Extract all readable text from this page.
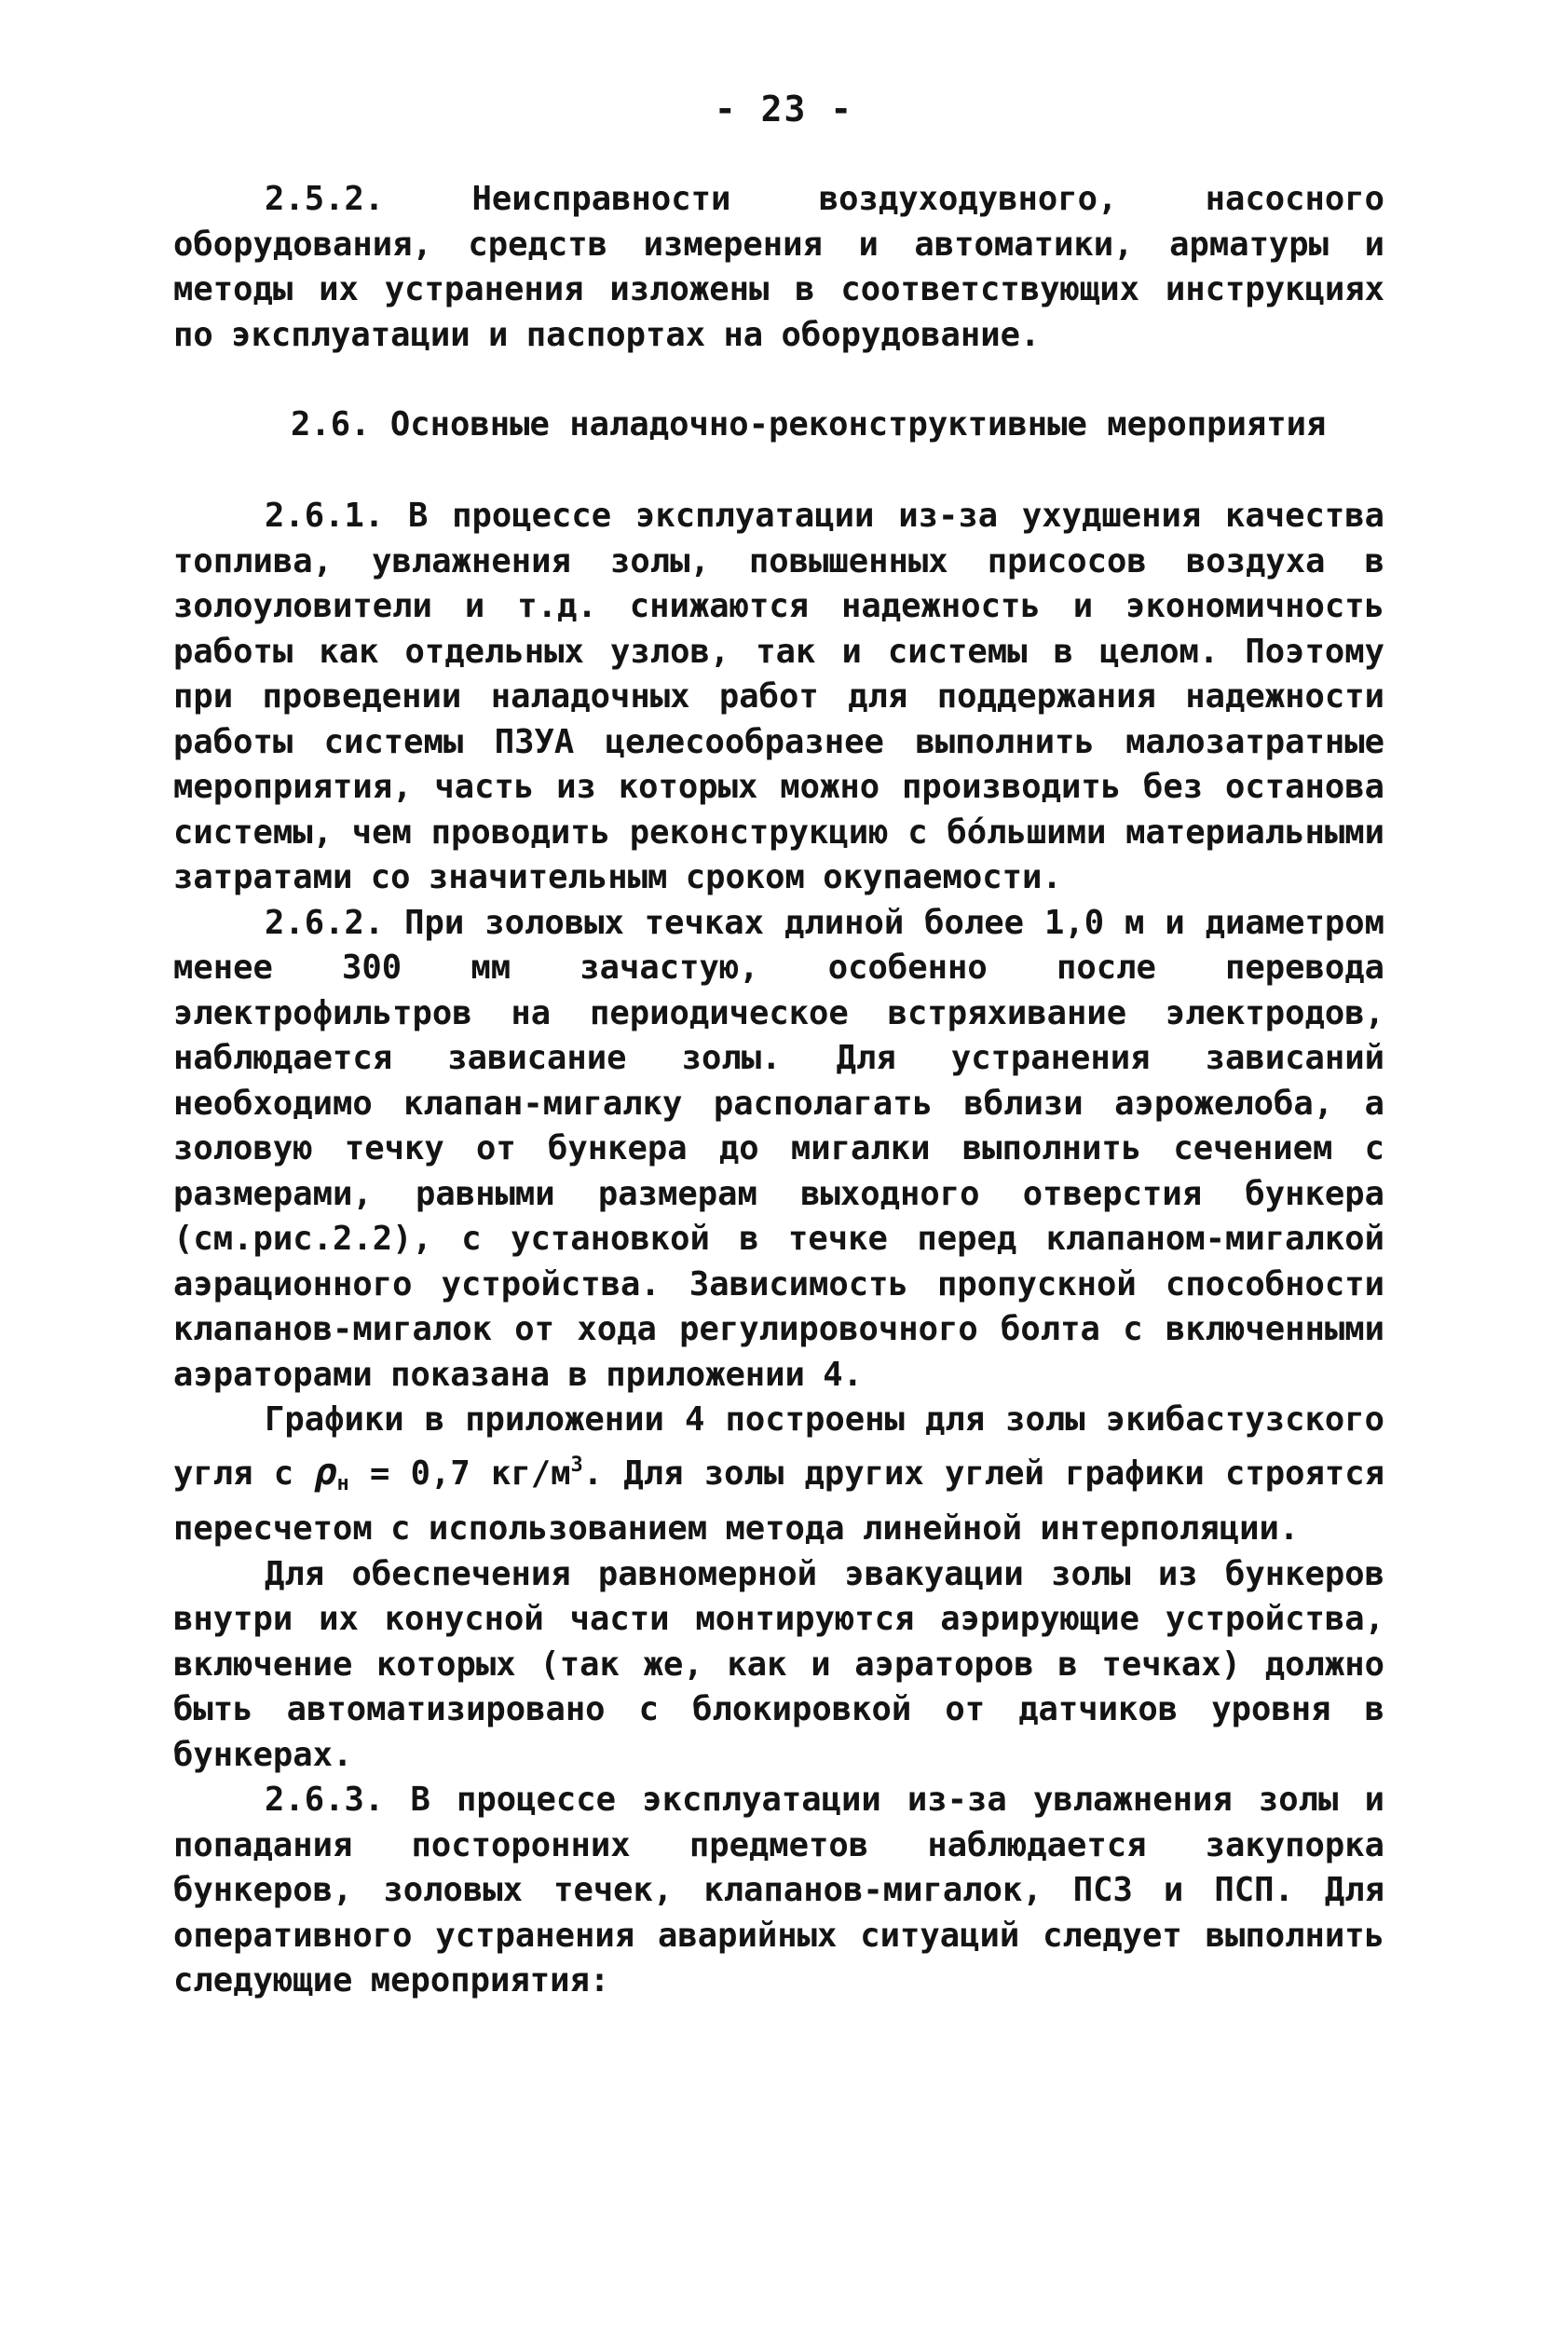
- 23 -

2.5.2. Неисправности воздуходувного, насосного оборудования, средств измерения и автоматики, арматуры и методы их устранения изложены в соответствующих инструкциях по эксплуатации и паспортах на оборудование.

2.6. Основные наладочно-реконструктивные мероприятия

2.6.1. В процессе эксплуатации из-за ухудшения качества топлива, увлажнения золы, повышенных присосов воздуха в золоуловители и т.д. снижаются надежность и экономичность работы как отдельных узлов, так и системы в целом. Поэтому при проведении наладочных работ для поддержания надежности работы системы ПЗУА целесообразнее выполнить малозатратные мероприятия, часть из которых можно производить без останова системы, чем проводить реконструкцию с бо́льшими материальными затратами со значительным сроком окупаемости.

2.6.2. При золовых течках длиной более 1,0 м и диаметром менее 300 мм зачастую, особенно после перевода электрофильтров на периодическое встряхивание электродов, наблюдается зависание золы. Для устранения зависаний необходимо клапан-мигалку располагать вблизи аэрожелоба, а золовую течку от бункера до мигалки выполнить сечением с размерами, равными размерам выходного отверстия бункера (см.рис.2.2), с установкой в течке перед клапаном-мигалкой аэрационного устройства. Зависимость пропускной способности клапанов-мигалок от хода регулировочного болта с включенными аэраторами показана в приложении 4.

Графики в приложении 4 построены для золы экибастузского угля с $\rho_н = 0,7$ $кг/м^3$. Для золы других углей графики строятся пересчетом с использованием метода линейной интерполяции.

Для обеспечения равномерной эвакуации золы из бункеров внутри их конусной части монтируются аэрирующие устройства, включение которых (так же, как и аэраторов в течках) должно быть автоматизировано с блокировкой от датчиков уровня в бункерах.

2.6.3. В процессе эксплуатации из-за увлажнения золы и попадания посторонних предметов наблюдается закупорка бункеров, золовых течек, клапанов-мигалок, ПСЗ и ПСП. Для оперативного устранения аварийных ситуаций следует выполнить следующие мероприятия:
